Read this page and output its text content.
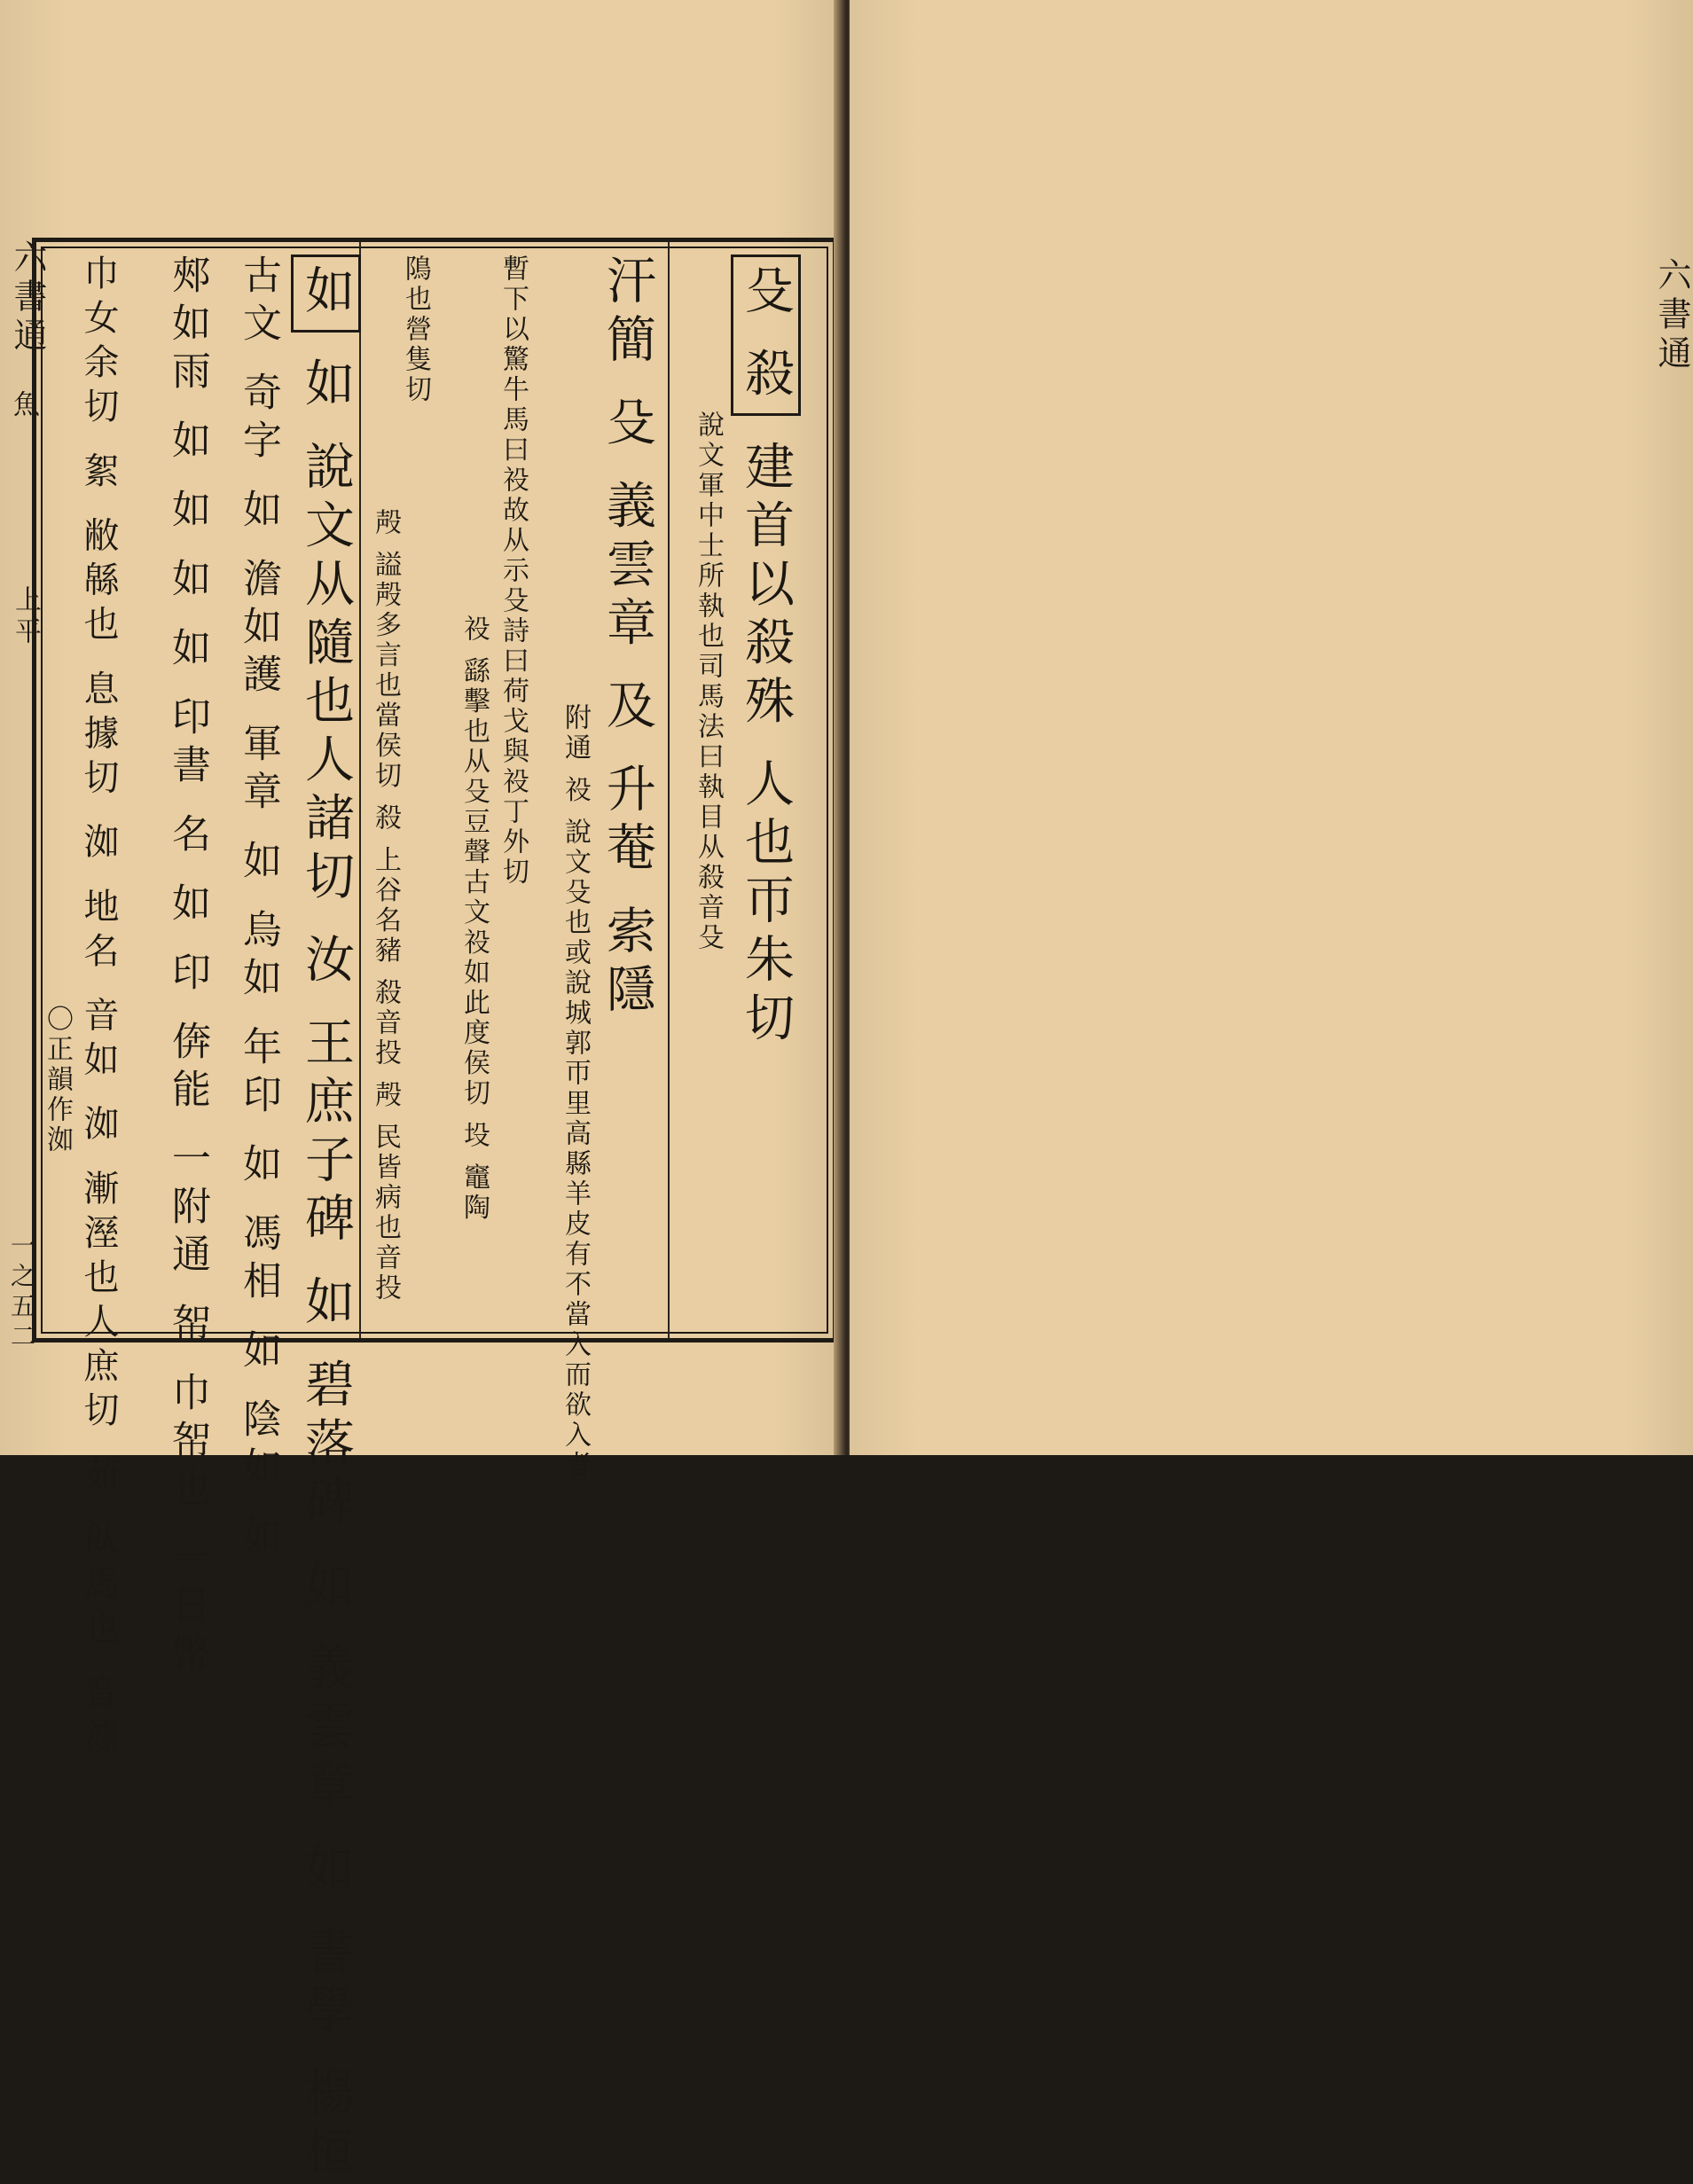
六書通
魚
上平
一之五二
殳 殺 建首以殺殊 人也帀朱切
說文軍中士所執也司馬法曰執目从殺音殳
汗簡 殳 義雲章 及 升菴 索隱
附通 祋 說文殳也或說城郭帀里高縣羊皮有不當入而欲入者
暫下以驚牛馬曰祋故从示殳詩曰荷戈與祋丁外切
祋 繇擊也从殳豆聲古文祋如此度侯切 坄 竈陶
隝也營隻切
殸 謚殸多言也當侯切 殺 上谷名豬 殺音投 殸 民皆病也音投
如 如 說文从隨也人諸切 汝 王庶子碑 如 碧落碑 如 義雲章 如 書學 楊桓
古文 奇字 如 澹如護 軍章 如 烏如 年印 如 馮相 如 陰如 如
郟如雨 如 如 如 如 印書 名 如 印 倴能 一附通 帤 巾帤也 一日幣
巾女余切 絮 敝緜也 息據切 洳 地名 音如 洳 漸溼也人庶切 茹 飤馬也 音澽
〇正韻作洳
六書通
